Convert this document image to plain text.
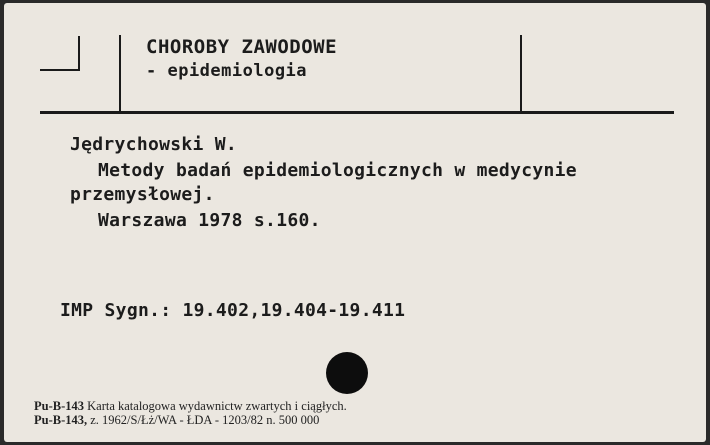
CHOROBY ZAWODOWE
- epidemiologia
Jędrychowski W.
Metody badań epidemiologicznych w medycynie
przemysłowej.
Warszawa 1978 s.160.
IMP Sygn.: 19.402,19.404-19.411
Pu-B-143 Karta katalogowa wydawnictw zwartych i ciągłych.
Pu-B-143, z. 1962/S/Łż/WA - ŁDA - 1203/82 n. 500 000
